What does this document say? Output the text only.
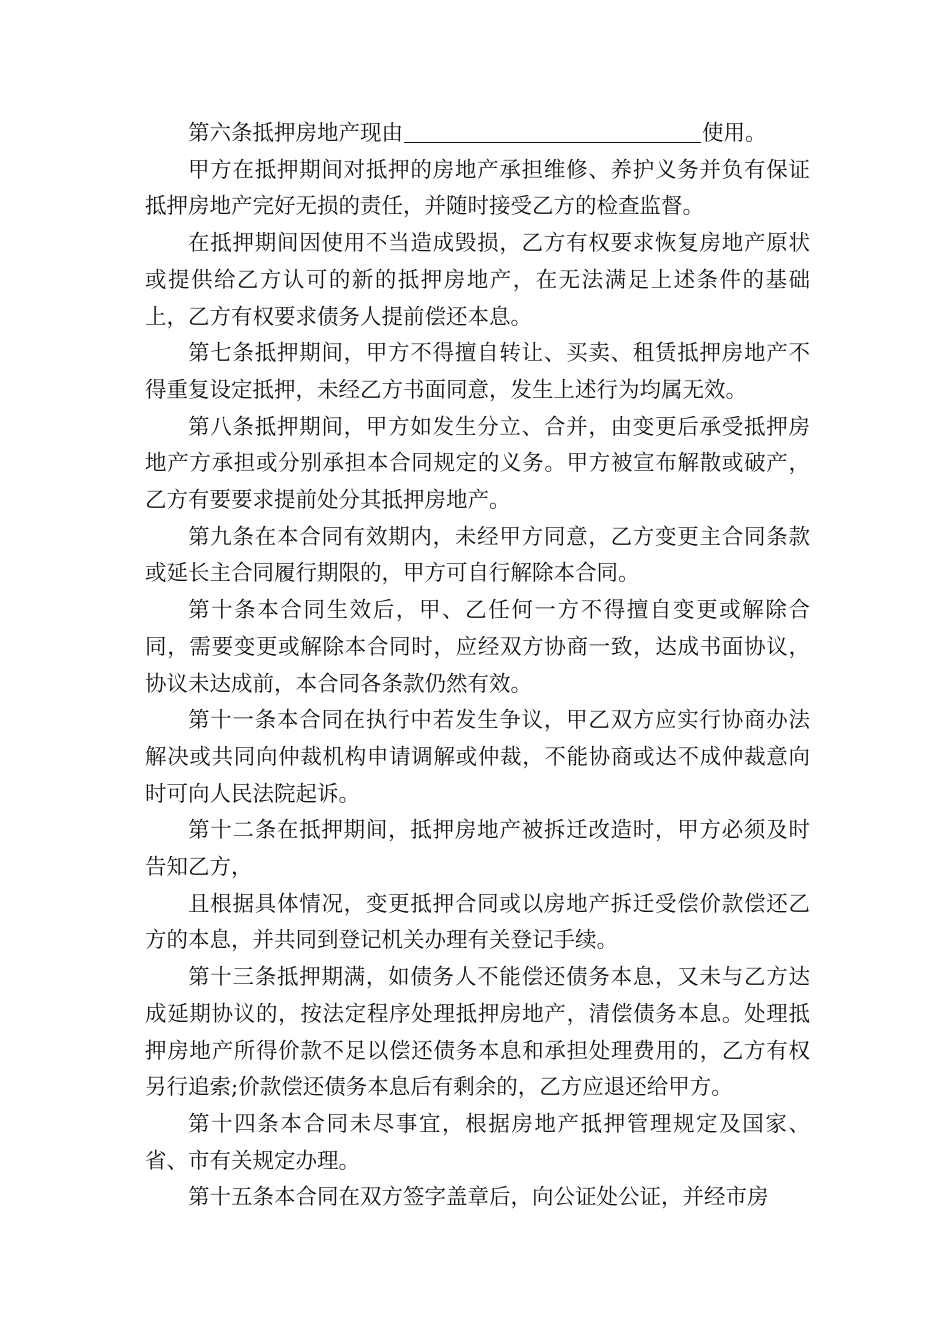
第六条抵押房地产现由	使用。

甲方在抵押期间对抵押的房地产承担维修、养护义务并负有保证抵押房地产完好无损的责任，并随时接受乙方的检查监督。

在抵押期间因使用不当造成毁损，乙方有权要求恢复房地产原状或提供给乙方认可的新的抵押房地产，在无法满足上述条件的基础上，乙方有权要求债务人提前偿还本息。

第七条抵押期间，甲方不得擅自转让、买卖、租赁抵押房地产不得重复设定抵押，未经乙方书面同意，发生上述行为均属无效。

第八条抵押期间，甲方如发生分立、合并，由变更后承受抵押房地产方承担或分别承担本合同规定的义务。甲方被宣布解散或破产，乙方有要要求提前处分其抵押房地产。

第九条在本合同有效期内，未经甲方同意，乙方变更主合同条款或延长主合同履行期限的，甲方可自行解除本合同。

第十条本合同生效后，甲、乙任何一方不得擅自变更或解除合同，需要变更或解除本合同时，应经双方协商一致，达成书面协议，协议未达成前，本合同各条款仍然有效。

第十一条本合同在执行中若发生争议，甲乙双方应实行协商办法解决或共同向仲裁机构申请调解或仲裁，不能协商或达不成仲裁意向时可向人民法院起诉。

第十二条在抵押期间，抵押房地产被拆迁改造时，甲方必须及时告知乙方，

且根据具体情况，变更抵押合同或以房地产拆迁受偿价款偿还乙方的本息，并共同到登记机关办理有关登记手续。

第十三条抵押期满，如债务人不能偿还债务本息，又未与乙方达成延期协议的，按法定程序处理抵押房地产，清偿债务本息。处理抵押房地产所得价款不足以偿还债务本息和承担处理费用的，乙方有权另行追索;价款偿还债务本息后有剩余的，乙方应退还给甲方。

第十四条本合同未尽事宜，根据房地产抵押管理规定及国家、省、市有关规定办理。

第十五条本合同在双方签字盖章后，向公证处公证，并经市房
